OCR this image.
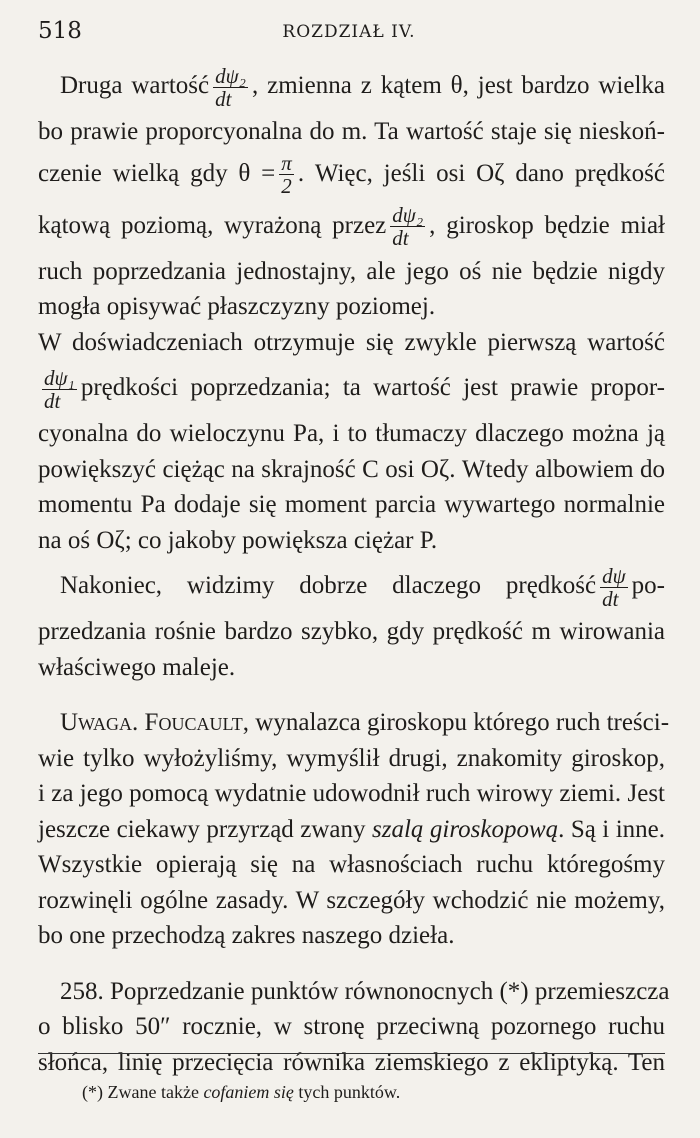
518	ROZDZIAŁ IV.

Druga wartość $\frac{\text{dψ₂}}{dt}$ , zmienna z kątem θ, jest bardzo wielka
bo prawie proporcyonalna do m. Ta wartość staje się nieskoń-
czenie wielką gdy $\theta = \frac{\pi}{2}$ . Więc, jeśli osi Oζ dano prędkość
kątową poziomą, wyrażoną przez $\frac{\text{dψ₂}}{dt}$ , giroskop będzie miał
ruch poprzedzania jednostajny, ale jego oś nie będzie nigdy
mogła opisywać płaszczyzny poziomej.

W doświadczeniach otrzymuje się zwykle pierwszą wartość
$\frac{\text{dψ₁}}{dt}$ prędkości poprzedzania; ta wartość jest prawie propor-
cyonalna do wieloczynu Pa, i to tłumaczy dlaczego można ją
powiększyć ciężąc na skrajność C osi Oζ. Wtedy albowiem do
momentu Pa dodaje się moment parcia wywartego normalnie
na oś Oζ; co jakoby powiększa ciężar P.

Nakoniec, widzimy dobrze dlaczego prędkość $\frac{d\psi}{dt} po-$
przedzania rośnie bardzo szybko, gdy prędkość m wirowania
właściwego maleje.

Uwaga. Foucault, wynalazca giroskopu którego ruch treści-
wie tylko wyłożyliśmy, wymyślił drugi, znakomity giroskop,
i za jego pomocą wydatnie udowodnił ruch wirowy ziemi. Jest
jeszcze ciekawy przyrząd zwany szalą giroskopową. Są i inne.
Wszystkie opierają się na własnościach ruchu któregośmy
rozwinęli ogólne zasady. W szczegóły wchodzić nie możemy,
bo one przechodzą zakres naszego dzieła.

258. Poprzedzanie punktów równonocnych (*) przemieszcza
o blisko 50″ rocznie, w stronę przeciwną pozornego ruchu
słońca, linię przecięcia równika ziemskiego z ekliptyką. Ten

(*) Zwane także cofaniem się tych punktów.
